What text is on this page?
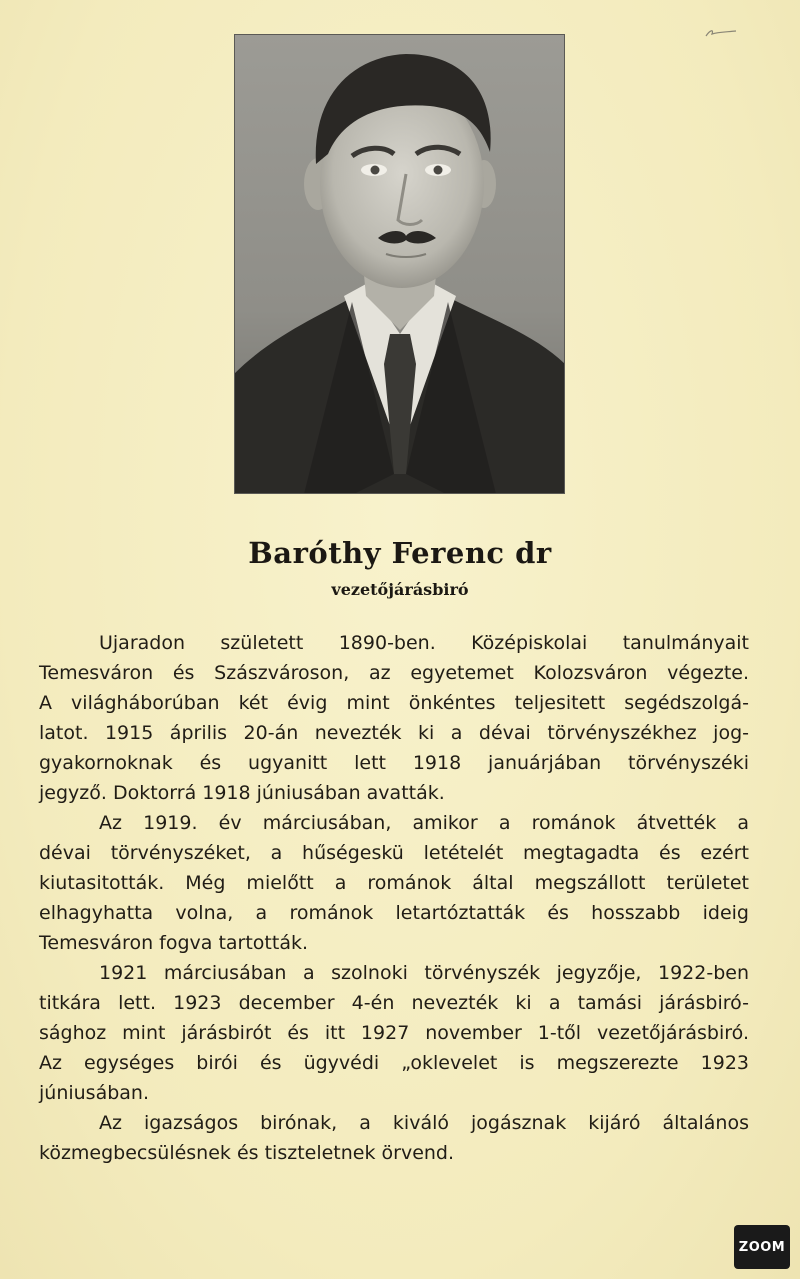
Baróthy Ferenc dr
vezetőjárásbiró
Ujaradon született 1890-ben. Középiskolai tanulmányait
Temesváron és Szászvároson, az egyetemet Kolozsváron végezte.
A világháborúban két évig mint önkéntes teljesitett segédszolgá-
latot. 1915 április 20-án nevezték ki a dévai törvényszékhez jog-
gyakornoknak és ugyanitt lett 1918 januárjában törvényszéki
jegyző. Doktorrá 1918 júniusában avatták.
Az 1919. év márciusában, amikor a románok átvették a
dévai törvényszéket, a hűségeskü letételét megtagadta és ezért
kiutasitották. Még mielőtt a románok által megszállott területet
elhagyhatta volna, a románok letartóztatták és hosszabb ideig
Temesváron fogva tartották.
1921 márciusában a szolnoki törvényszék jegyzője, 1922-ben
titkára lett. 1923 december 4-én nevezték ki a tamási járásbiró-
sághoz mint járásbirót és itt 1927 november 1-től vezetőjárásbiró.
Az egységes birói és ügyvédi „oklevelet is megszerezte 1923
júniusában.
Az igazságos birónak, a kiváló jogásznak kijáró általános
közmegbecsülésnek és tiszteletnek örvend.
ZOOM
